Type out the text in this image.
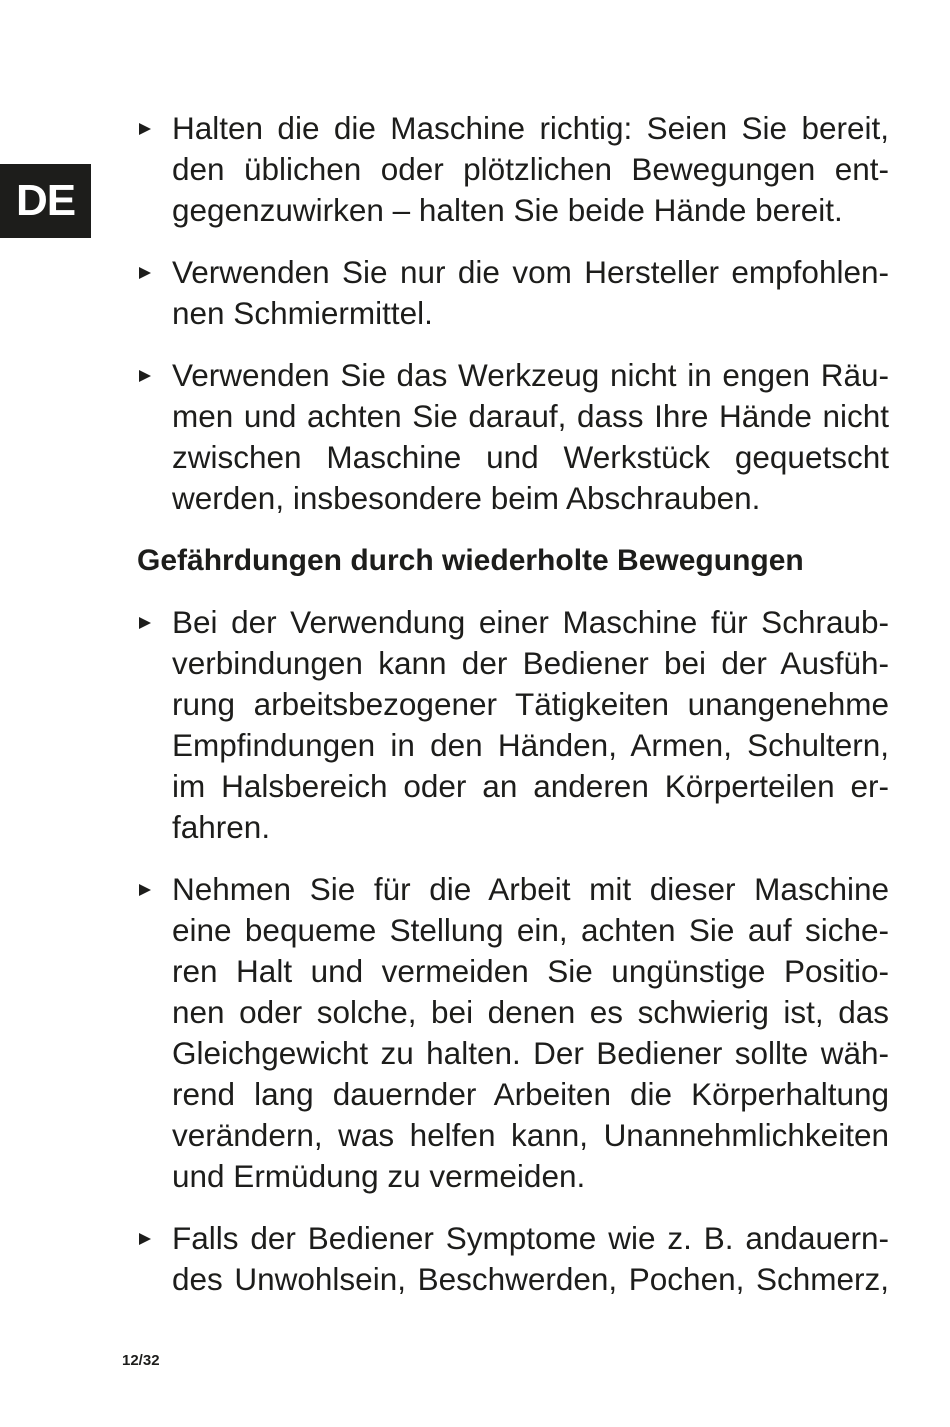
DE
Halten die die Maschine richtig: Seien Sie bereit,
den üblichen oder plötzlichen Bewegungen ent-
gegenzuwirken – halten Sie beide Hände bereit.
Verwenden Sie nur die vom Hersteller empfohlen-
nen Schmiermittel.
Verwenden Sie das Werkzeug nicht in engen Räu-
men und achten Sie darauf, dass Ihre Hände nicht
zwischen Maschine und Werkstück gequetscht
werden, insbesondere beim Abschrauben.
Gefährdungen durch wiederholte Bewegungen
Bei der Verwendung einer Maschine für Schraub-
verbindungen kann der Bediener bei der Ausfüh-
rung arbeitsbezogener Tätigkeiten unangenehme
Empfindungen in den Händen, Armen, Schultern,
im Halsbereich oder an anderen Körperteilen er-
fahren.
Nehmen Sie für die Arbeit mit dieser Maschine
eine bequeme Stellung ein, achten Sie auf siche-
ren Halt und vermeiden Sie ungünstige Positio-
nen oder solche, bei denen es schwierig ist, das
Gleichgewicht zu halten. Der Bediener sollte wäh-
rend lang dauernder Arbeiten die Körperhaltung
verändern, was helfen kann, Unannehmlichkeiten
und Ermüdung zu vermeiden.
Falls der Bediener Symptome wie z. B. andauern-
des Unwohlsein, Beschwerden, Pochen, Schmerz,
12/32
